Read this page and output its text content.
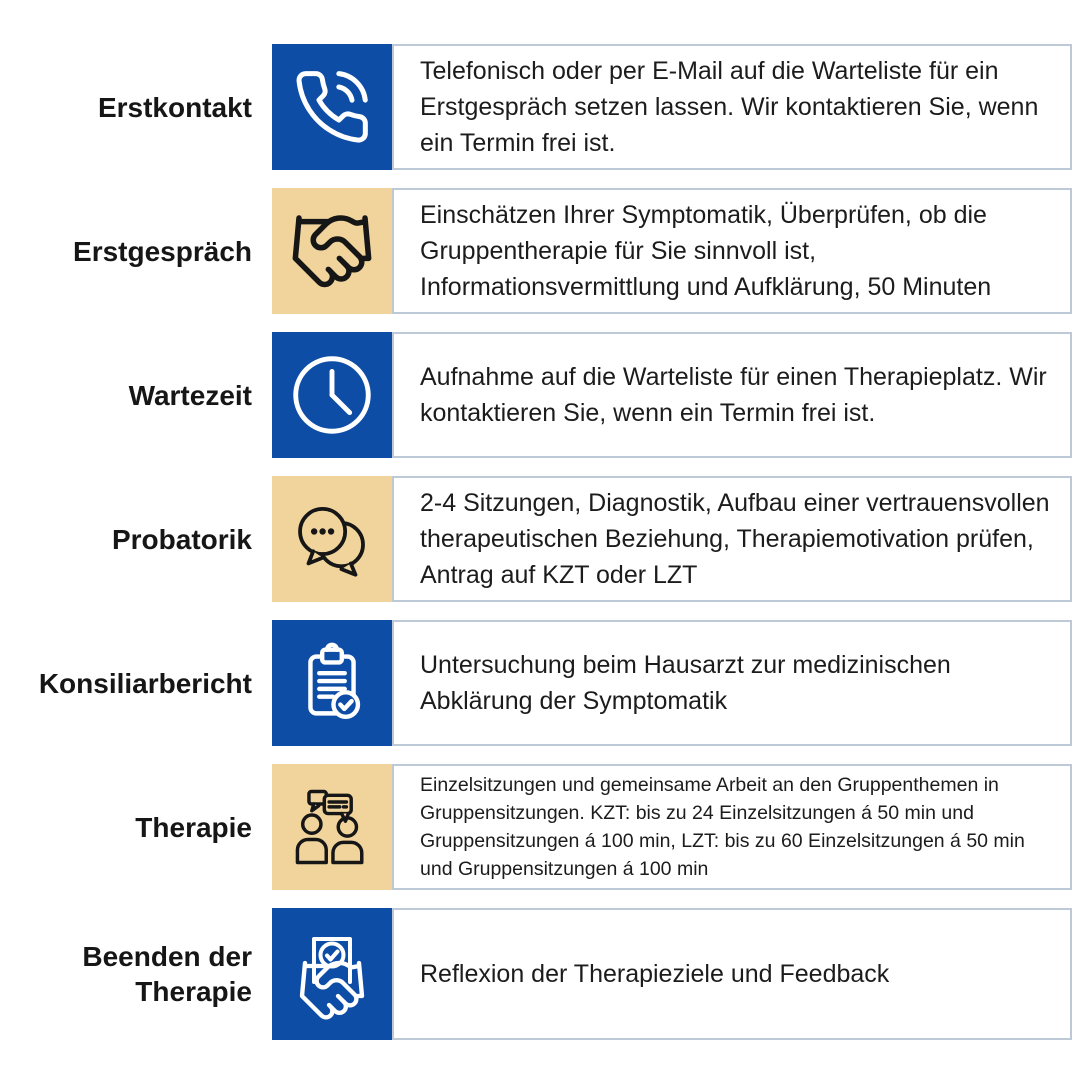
Erstkontakt
Telefonisch oder per E-Mail auf die Warteliste für ein Erstgespräch setzen lassen. Wir kontaktieren Sie, wenn ein Termin frei ist.
Erstgespräch
Einschätzen Ihrer Symptomatik, Überprüfen, ob die Gruppentherapie für Sie sinnvoll ist, Informationsvermittlung und Aufklärung, 50 Minuten
Wartezeit
Aufnahme auf die Warteliste für einen Therapieplatz. Wir kontaktieren Sie, wenn ein Termin frei ist.
Probatorik
2-4 Sitzungen, Diagnostik, Aufbau einer vertrauensvollen therapeutischen Beziehung, Therapiemotivation prüfen, Antrag auf KZT oder LZT
Konsiliarbericht
Untersuchung beim Hausarzt zur medizinischen Abklärung der Symptomatik
Therapie
Einzelsitzungen und gemeinsame Arbeit an den Gruppenthemen in Gruppensitzungen. KZT: bis zu 24 Einzelsitzungen á 50 min und Gruppensitzungen á 100 min, LZT: bis zu 60 Einzelsitzungen á 50 min und Gruppensitzungen á 100 min
Beenden der Therapie
Reflexion der Therapieziele und Feedback
